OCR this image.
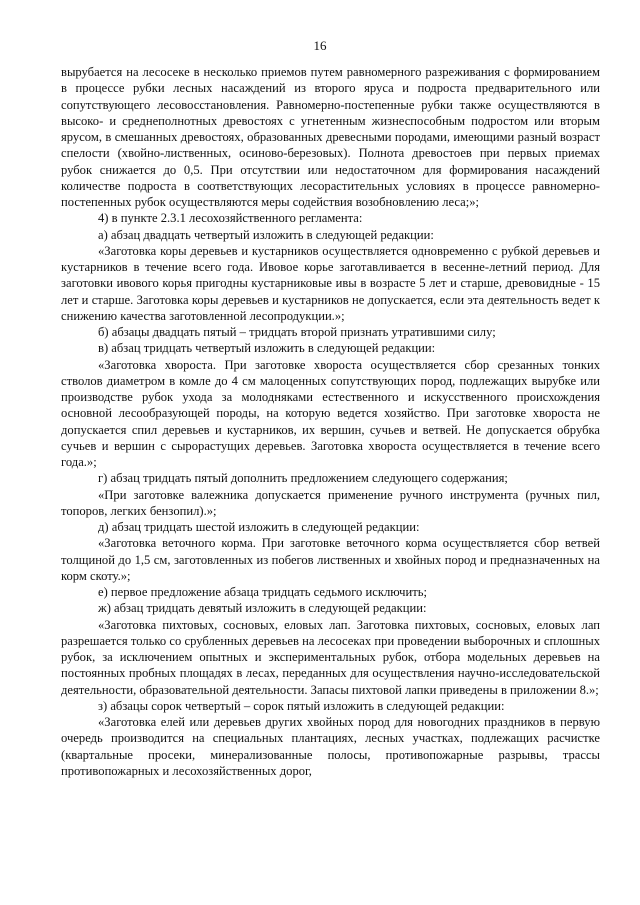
16

вырубается на лесосеке в несколько приемов путем равномерного разреживания с формированием в процессе рубки лесных насаждений из второго яруса и подроста предварительного или сопутствующего лесовосстановления. Равномерно-постепенные рубки также осуществляются в высоко- и среднеполнотных древостоях с угнетенным жизнеспособным подростом или вторым ярусом, в смешанных древостоях, образованных древесными породами, имеющими разный возраст спелости (хвойно-лиственных, осиново-березовых). Полнота древостоев при первых приемах рубок снижается до 0,5. При отсутствии или недостаточном для формирования насаждений количестве подроста в соответствующих лесорастительных условиях в процессе равномерно-постепенных рубок осуществляются меры содействия возобновлению леса;»;

4) в пункте 2.3.1 лесохозяйственного регламента:

а) абзац двадцать четвертый изложить в следующей редакции:

«Заготовка коры деревьев и кустарников осуществляется одновременно с рубкой деревьев и кустарников в течение всего года. Ивовое корье заготавливается в весенне-летний период. Для заготовки ивового корья пригодны кустарниковые ивы в возрасте 5 лет и старше, древовидные - 15 лет и старше. Заготовка коры деревьев и кустарников не допускается, если эта деятельность ведет к снижению качества заготовленной лесопродукции.»;

б) абзацы двадцать пятый – тридцать второй признать утратившими силу;

в) абзац тридцать четвертый изложить в следующей редакции:

«Заготовка хвороста. При заготовке хвороста осуществляется сбор срезанных тонких стволов диаметром в комле до 4 см малоценных сопутствующих пород, подлежащих вырубке или производстве рубок ухода за молодняками естественного и искусственного происхождения основной лесообразующей породы, на которую ведется хозяйство. При заготовке хвороста не допускается спил деревьев и кустарников, их вершин, сучьев и ветвей. Не допускается обрубка сучьев и вершин с сырорастущих деревьев. Заготовка хвороста осуществляется в течение всего года.»;

г) абзац тридцать пятый дополнить предложением следующего содержания;

«При заготовке валежника допускается применение ручного инструмента (ручных пил, топоров, легких бензопил).»;

д) абзац тридцать шестой изложить в следующей редакции:

«Заготовка веточного корма. При заготовке веточного корма осуществляется сбор ветвей толщиной до 1,5 см, заготовленных из побегов лиственных и хвойных пород и предназначенных на корм скоту.»;

е) первое предложение абзаца тридцать седьмого исключить;

ж) абзац тридцать девятый изложить в следующей редакции:

«Заготовка пихтовых, сосновых, еловых лап. Заготовка пихтовых, сосновых, еловых лап разрешается только со срубленных деревьев на лесосеках при проведении выборочных и сплошных рубок, за исключением опытных и экспериментальных рубок, отбора модельных деревьев на постоянных пробных площадях в лесах, переданных для осуществления научно-исследовательской деятельности, образовательной деятельности. Запасы пихтовой лапки приведены в приложении 8.»;

з) абзацы сорок четвертый – сорок пятый изложить в следующей редакции:

«Заготовка елей или деревьев других хвойных пород для новогодних праздников в первую очередь производится на специальных плантациях, лесных участках, подлежащих расчистке (квартальные просеки, минерализованные полосы, противопожарные разрывы, трассы противопожарных и лесохозяйственных дорог,
